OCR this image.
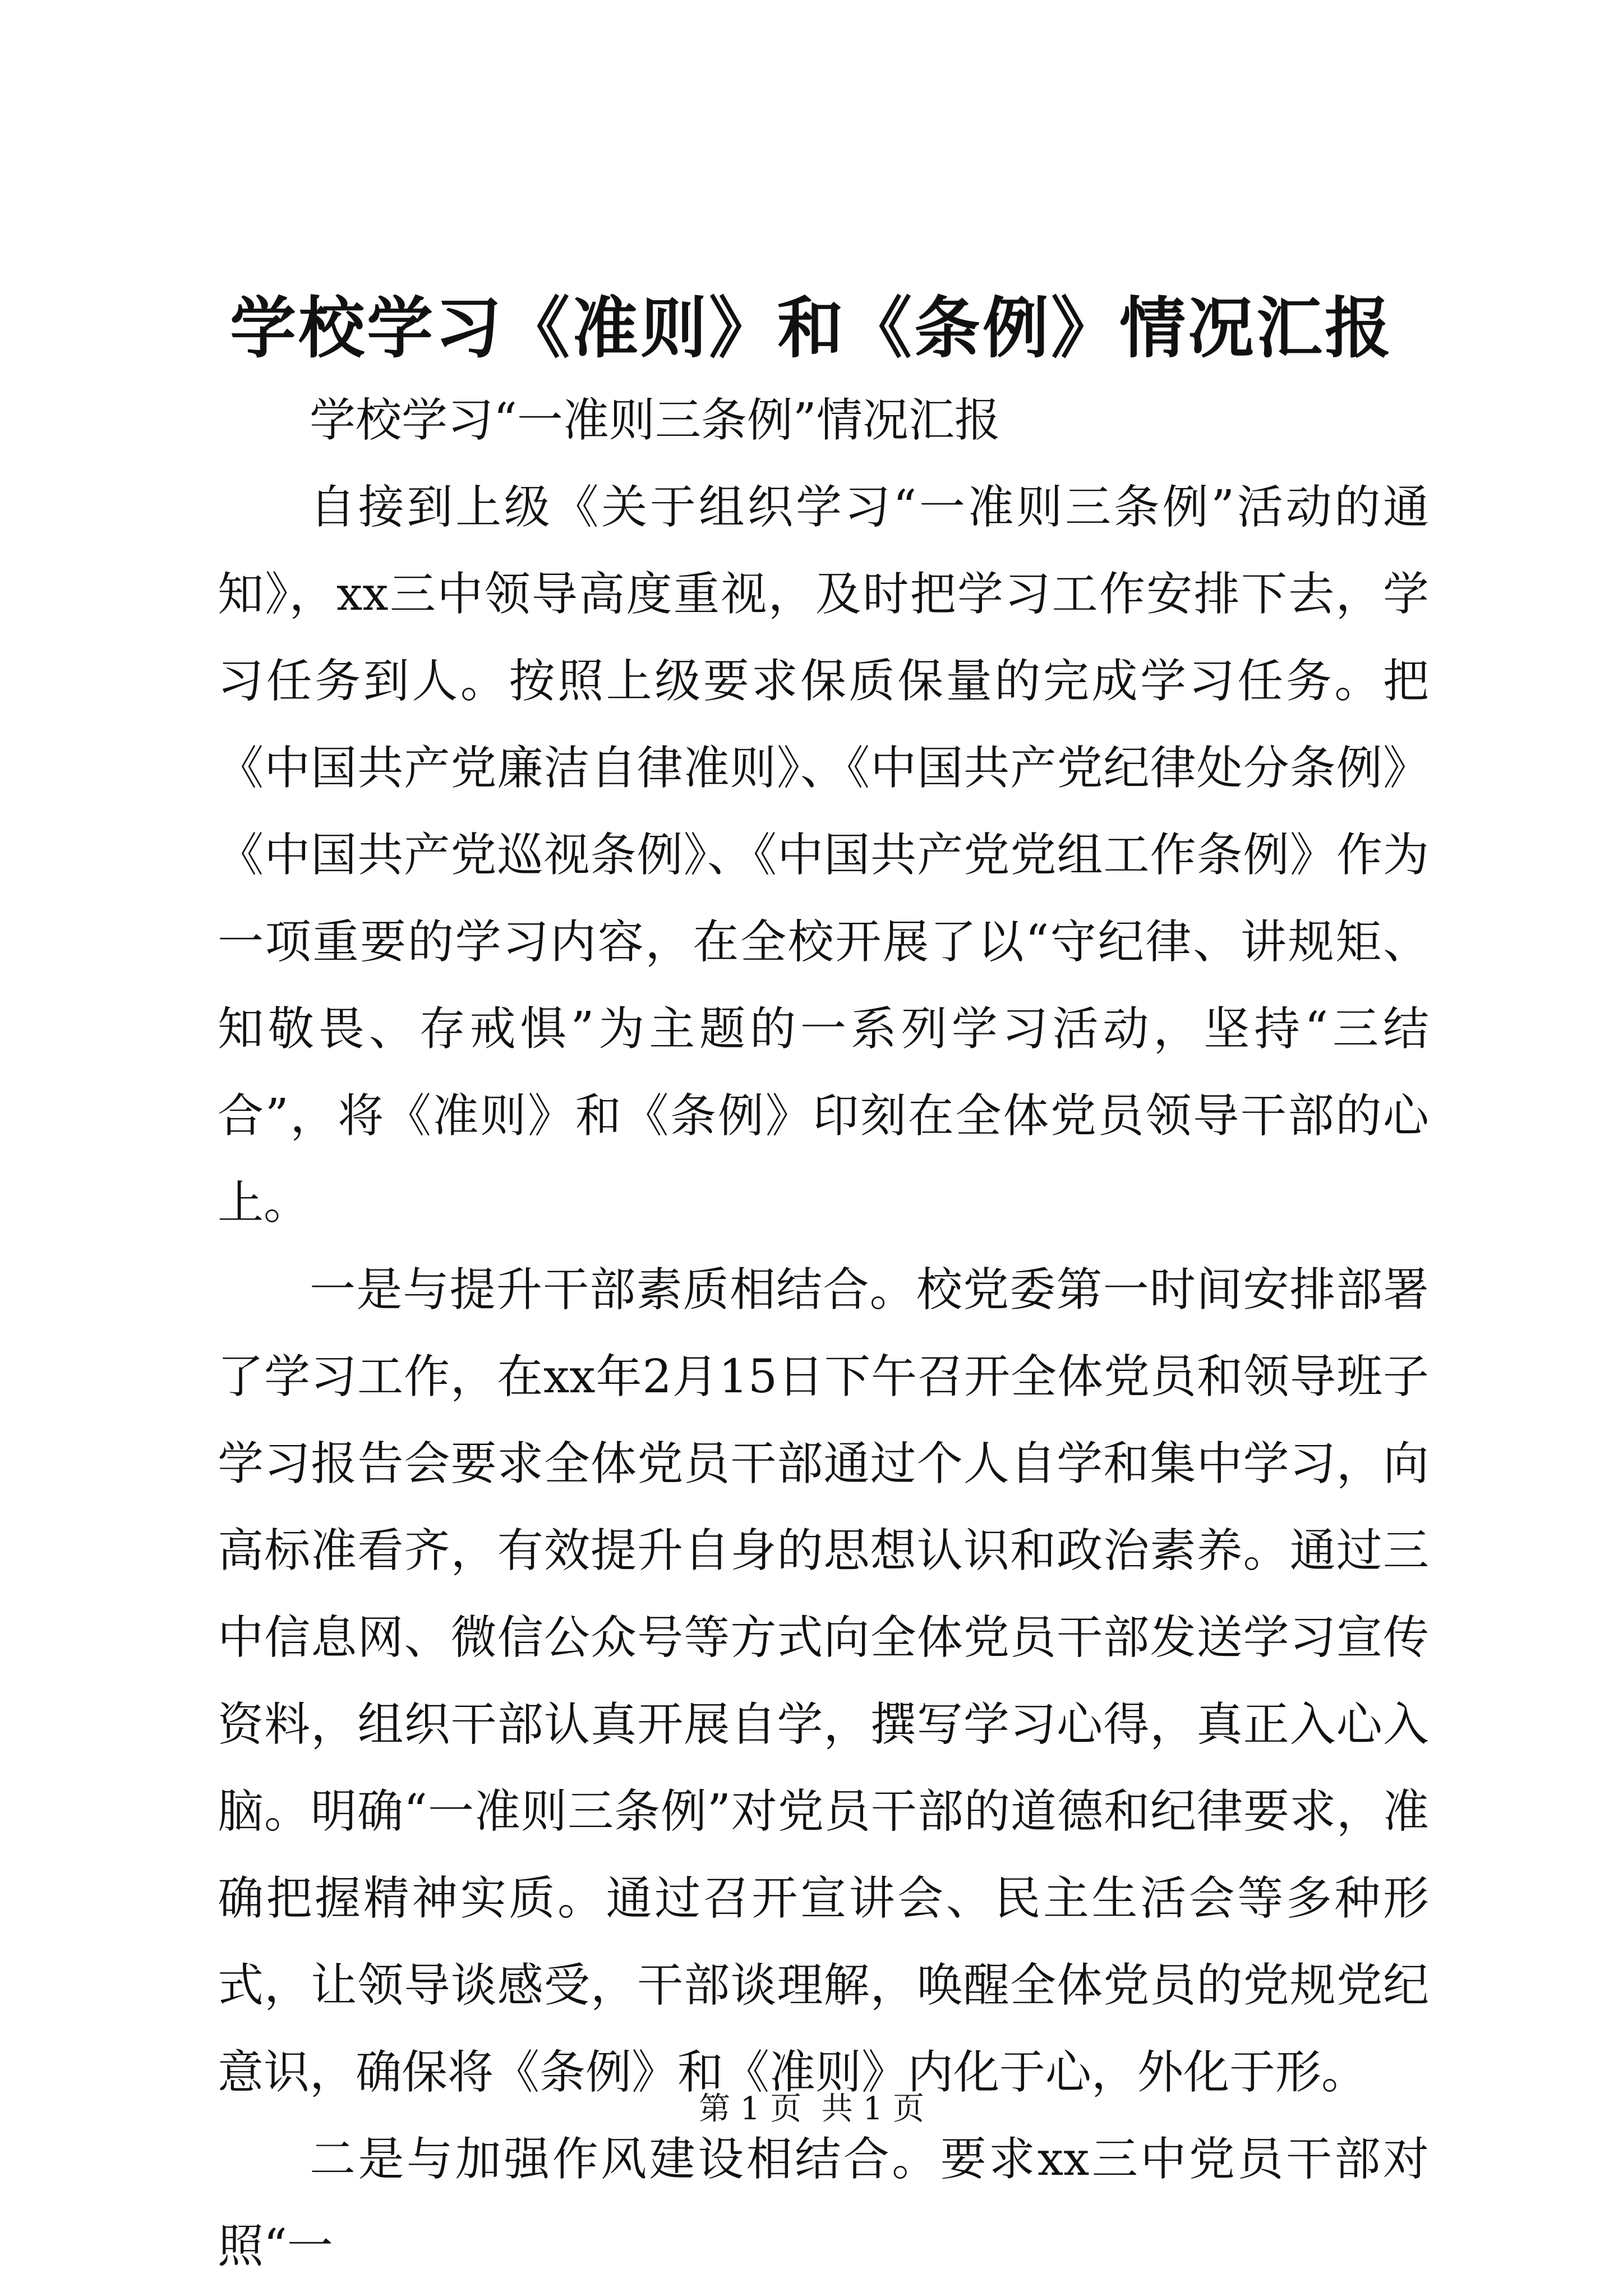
学校学习《准则》和《条例》情况汇报

学校学习“一准则三条例”情况汇报

自接到上级《关于组织学习“一准则三条例”活动的通知》，xx三中领导高度重视，及时把学习工作安排下去，学习任务到人。按照上级要求保质保量的完成学习任务。把《中国共产党廉洁自律准则》、《中国共产党纪律处分条例》《中国共产党巡视条例》、《中国共产党党组工作条例》作为一项重要的学习内容，在全校开展了以“守纪律、讲规矩、知敬畏、存戒惧”为主题的一系列学习活动，坚持“三结合”，将《准则》和《条例》印刻在全体党员领导干部的心上。

一是与提升干部素质相结合。校党委第一时间安排部署了学习工作，在xx年2月15日下午召开全体党员和领导班子学习报告会要求全体党员干部通过个人自学和集中学习，向高标准看齐，有效提升自身的思想认识和政治素养。通过三中信息网、微信公众号等方式向全体党员干部发送学习宣传资料，组织干部认真开展自学，撰写学习心得，真正入心入脑。明确“一准则三条例”对党员干部的道德和纪律要求，准确把握精神实质。通过召开宣讲会、民主生活会等多种形式，让领导谈感受，干部谈理解，唤醒全体党员的党规党纪意识，确保将《条例》和《准则》内化于心，外化于形。

二是与加强作风建设相结合。要求xx三中党员干部对照“一

第 1 页  共 1 页
